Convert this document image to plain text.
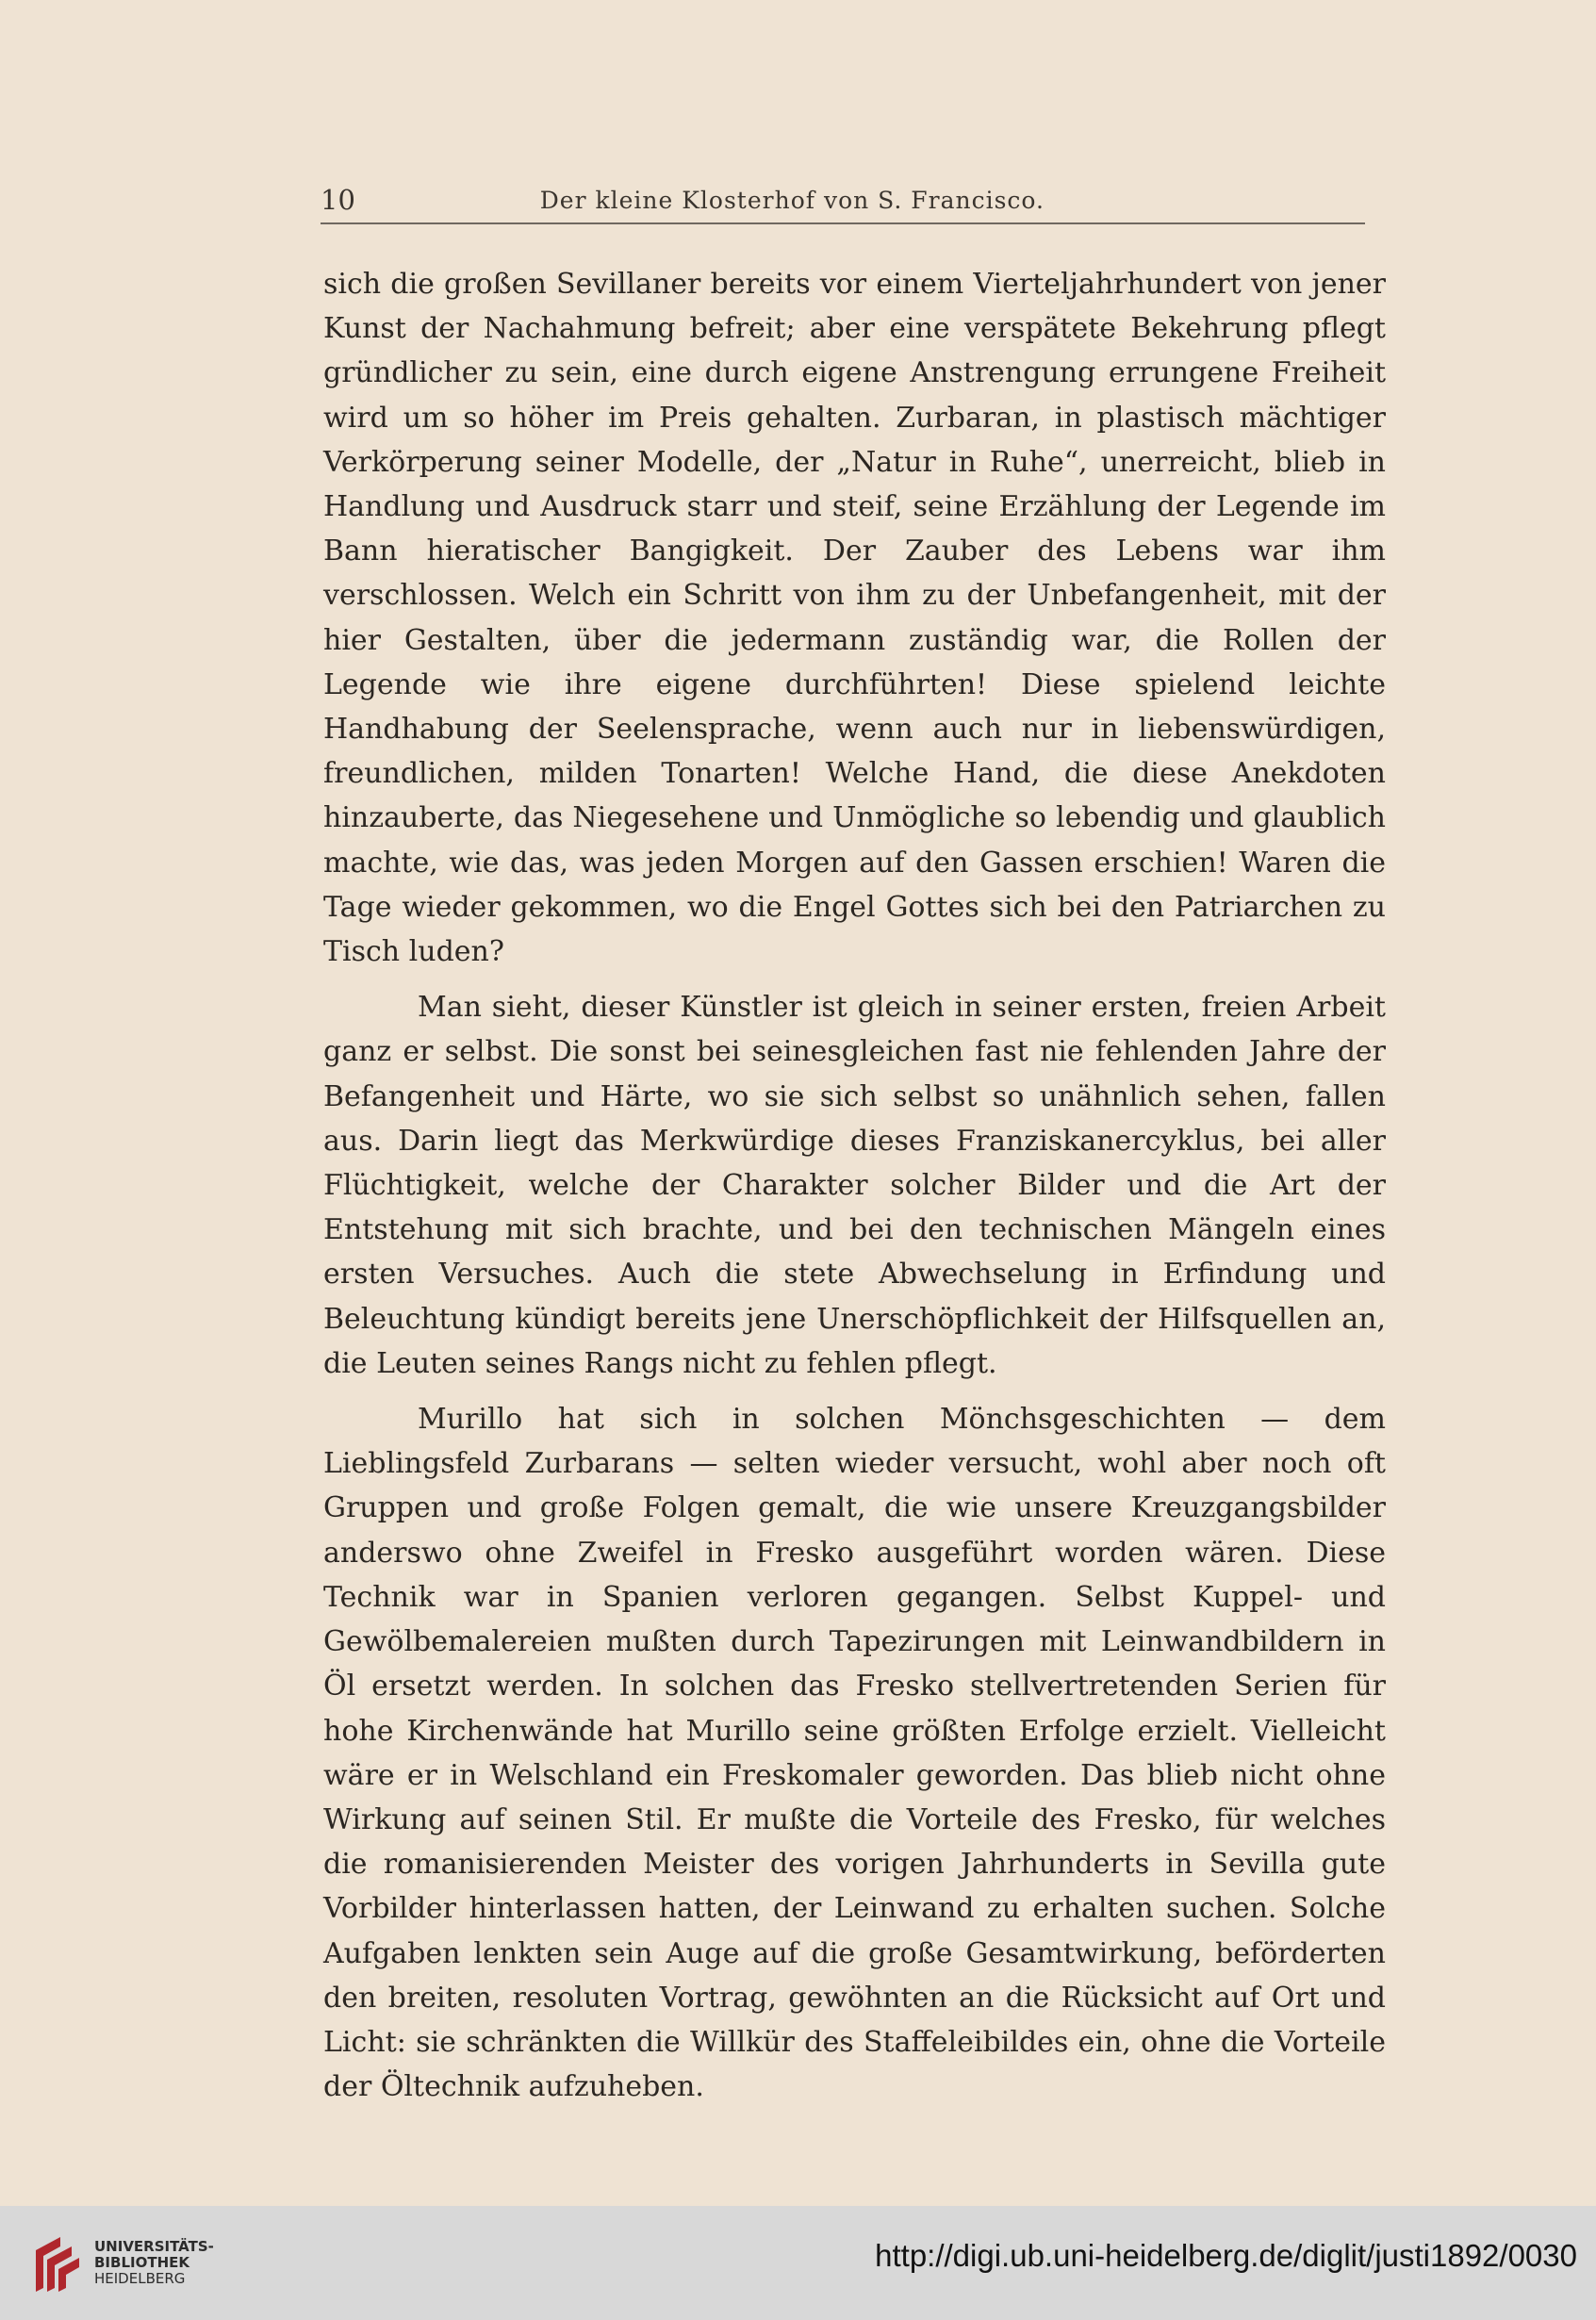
10	Der kleine Klosterhof von S. Francisco.

sich die großen Sevillaner bereits vor einem Vierteljahrhundert von jener Kunst der Nachahmung befreit; aber eine verspätete Bekehrung pflegt gründlicher zu sein, eine durch eigene Anstrengung errungene Freiheit wird um so höher im Preis gehalten. Zurbaran, in plastisch mächtiger Verkörperung seiner Modelle, der „Natur in Ruhe“, unerreicht, blieb in Handlung und Ausdruck starr und steif, seine Erzählung der Legende im Bann hieratischer Bangigkeit. Der Zauber des Lebens war ihm verschlossen. Welch ein Schritt von ihm zu der Unbefangenheit, mit der hier Gestalten, über die jedermann zuständig war, die Rollen der Legende wie ihre eigene durchführten! Diese spielend leichte Handhabung der Seelensprache, wenn auch nur in liebenswürdigen, freundlichen, milden Tonarten! Welche Hand, die diese Anekdoten hinzauberte, das Niegesehene und Unmögliche so lebendig und glaublich machte, wie das, was jeden Morgen auf den Gassen erschien! Waren die Tage wieder gekommen, wo die Engel Gottes sich bei den Patriarchen zu Tisch luden?

Man sieht, dieser Künstler ist gleich in seiner ersten, freien Arbeit ganz er selbst. Die sonst bei seinesgleichen fast nie fehlenden Jahre der Befangenheit und Härte, wo sie sich selbst so unähnlich sehen, fallen aus. Darin liegt das Merkwürdige dieses Franziskanercyklus, bei aller Flüchtigkeit, welche der Charakter solcher Bilder und die Art der Entstehung mit sich brachte, und bei den technischen Mängeln eines ersten Versuches. Auch die stete Abwechselung in Erfindung und Beleuchtung kündigt bereits jene Unerschöpflichkeit der Hilfsquellen an, die Leuten seines Rangs nicht zu fehlen pflegt.

Murillo hat sich in solchen Mönchsgeschichten — dem Lieblingsfeld Zurbarans — selten wieder versucht, wohl aber noch oft Gruppen und große Folgen gemalt, die wie unsere Kreuzgangsbilder anderswo ohne Zweifel in Fresko ausgeführt worden wären. Diese Technik war in Spanien verloren gegangen. Selbst Kuppel- und Gewölbemalereien mußten durch Tapezirungen mit Leinwandbildern in Öl ersetzt werden. In solchen das Fresko stellvertretenden Serien für hohe Kirchenwände hat Murillo seine größten Erfolge erzielt. Vielleicht wäre er in Welschland ein Freskomaler geworden. Das blieb nicht ohne Wirkung auf seinen Stil. Er mußte die Vorteile des Fresko, für welches die romanisierenden Meister des vorigen Jahrhunderts in Sevilla gute Vorbilder hinterlassen hatten, der Leinwand zu erhalten suchen. Solche Aufgaben lenkten sein Auge auf die große Gesamtwirkung, beförderten den breiten, resoluten Vortrag, gewöhnten an die Rücksicht auf Ort und Licht: sie schränkten die Willkür des Staffeleibildes ein, ohne die Vorteile der Öltechnik aufzuheben.

UNIVERSITÄTS-
BIBLIOTHEK
HEIDELBERG
http://digi.ub.uni-heidelberg.de/diglit/justi1892/0030
